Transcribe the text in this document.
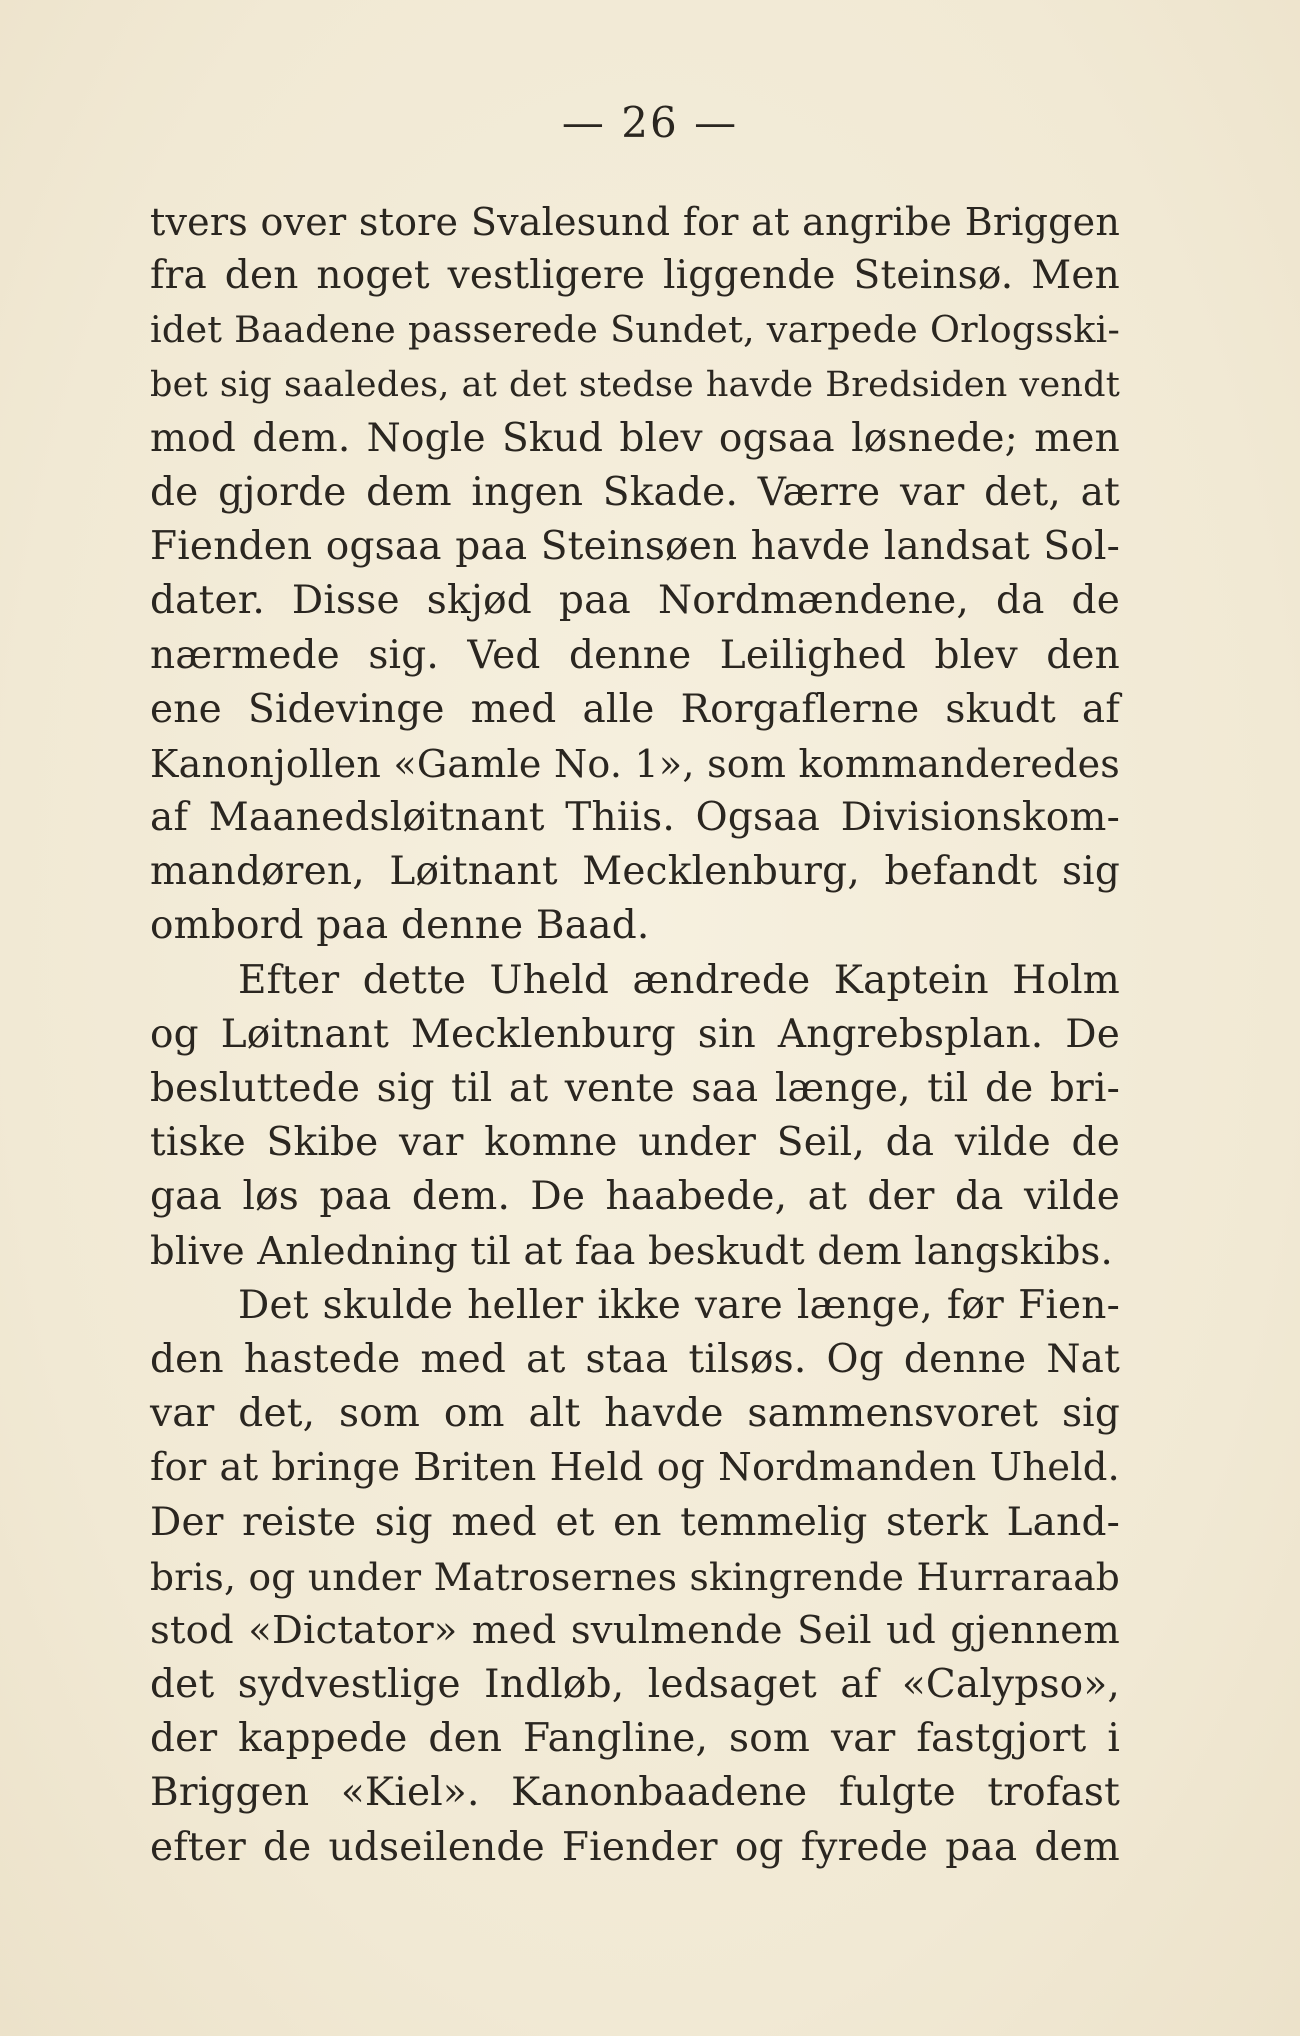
— 26 —
tvers over store Svalesund for at angribe Briggen
fra den noget vestligere liggende Steinsø. Men
idet Baadene passerede Sundet, varpede Orlogsski-
bet sig saaledes, at det stedse havde Bredsiden vendt
mod dem. Nogle Skud blev ogsaa løsnede; men
de gjorde dem ingen Skade. Værre var det, at
Fienden ogsaa paa Steinsøen havde landsat Sol-
dater. Disse skjød paa Nordmændene, da de
nærmede sig. Ved denne Leilighed blev den
ene Sidevinge med alle Rorgaflerne skudt af
Kanonjollen «Gamle No. 1», som kommanderedes
af Maanedsløitnant Thiis. Ogsaa Divisionskom-
mandøren, Løitnant Mecklenburg, befandt sig
ombord paa denne Baad.
Efter dette Uheld ændrede Kaptein Holm
og Løitnant Mecklenburg sin Angrebsplan. De
besluttede sig til at vente saa længe, til de bri-
tiske Skibe var komne under Seil, da vilde de
gaa løs paa dem. De haabede, at der da vilde
blive Anledning til at faa beskudt dem langskibs.
Det skulde heller ikke vare længe, før Fien-
den hastede med at staa tilsøs. Og denne Nat
var det, som om alt havde sammensvoret sig
for at bringe Briten Held og Nordmanden Uheld.
Der reiste sig med et en temmelig sterk Land-
bris, og under Matrosernes skingrende Hurraraab
stod «Dictator» med svulmende Seil ud gjennem
det sydvestlige Indløb, ledsaget af «Calypso»,
der kappede den Fangline, som var fastgjort i
Briggen «Kiel». Kanonbaadene fulgte trofast
efter de udseilende Fiender og fyrede paa dem
